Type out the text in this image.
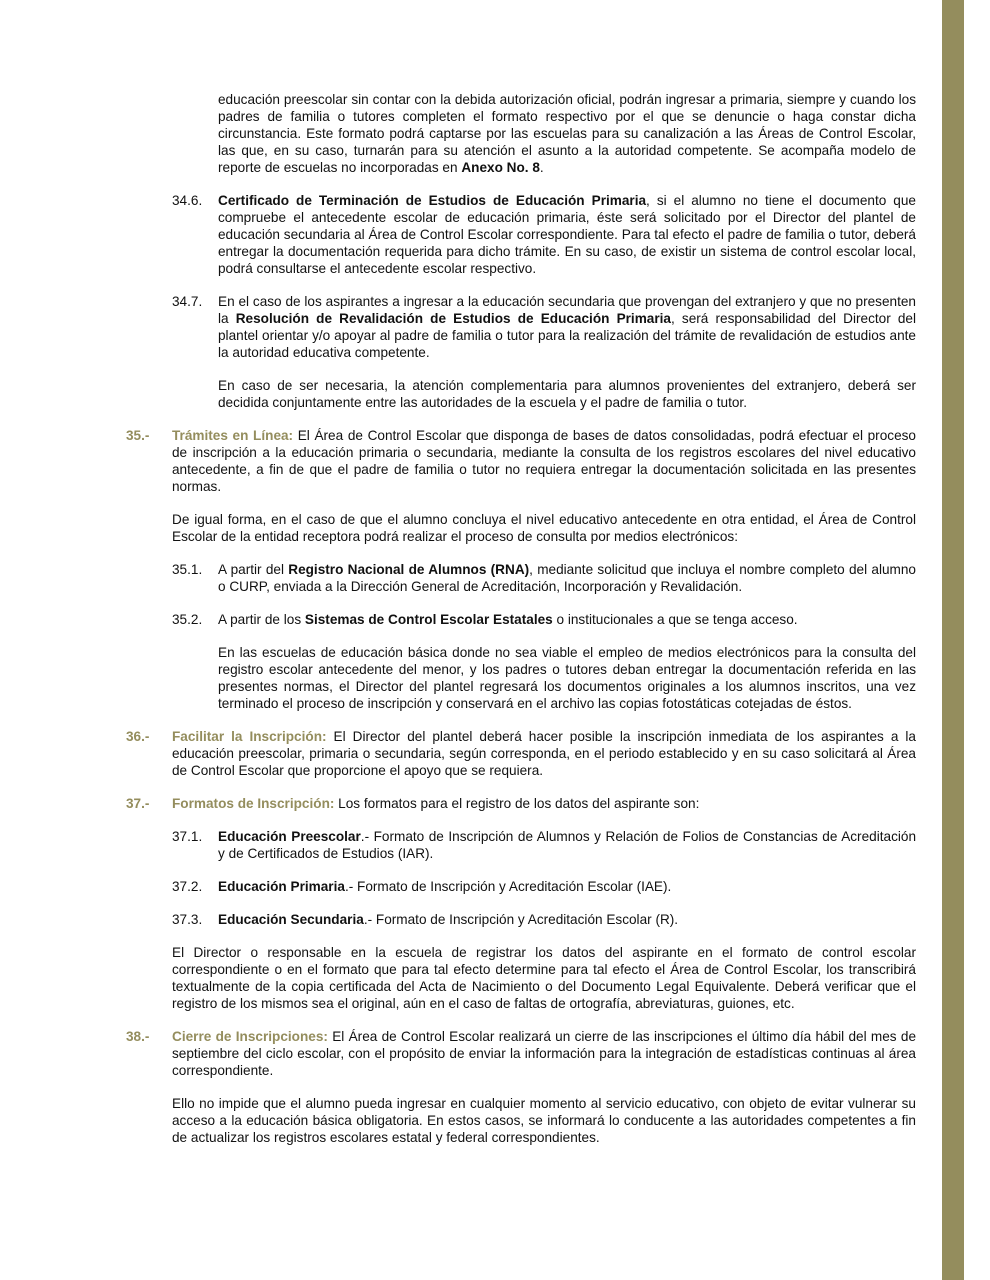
educación preescolar sin contar con la debida autorización oficial, podrán ingresar a primaria, siempre y cuando los padres de familia o tutores completen el formato respectivo por el que se denuncie o haga constar dicha circunstancia. Este formato podrá captarse por las escuelas para su canalización a las Áreas de Control Escolar, las que, en su caso, turnarán para su atención el asunto a la autoridad competente. Se acompaña modelo de reporte de escuelas no incorporadas en Anexo No. 8.

34.6. Certificado de Terminación de Estudios de Educación Primaria, si el alumno no tiene el documento que compruebe el antecedente escolar de educación primaria, éste será solicitado por el Director del plantel de educación secundaria al Área de Control Escolar correspondiente. Para tal efecto el padre de familia o tutor, deberá entregar la documentación requerida para dicho trámite. En su caso, de existir un sistema de control escolar local, podrá consultarse el antecedente escolar respectivo.

34.7. En el caso de los aspirantes a ingresar a la educación secundaria que provengan del extranjero y que no presenten la Resolución de Revalidación de Estudios de Educación Primaria, será responsabilidad del Director del plantel orientar y/o apoyar al padre de familia o tutor para la realización del trámite de revalidación de estudios ante la autoridad educativa competente.

En caso de ser necesaria, la atención complementaria para alumnos provenientes del extranjero, deberá ser decidida conjuntamente entre las autoridades de la escuela y el padre de familia o tutor.

35.- Trámites en Línea: El Área de Control Escolar que disponga de bases de datos consolidadas, podrá efectuar el proceso de inscripción a la educación primaria o secundaria, mediante la consulta de los registros escolares del nivel educativo antecedente, a fin de que el padre de familia o tutor no requiera entregar la documentación solicitada en las presentes normas.

De igual forma, en el caso de que el alumno concluya el nivel educativo antecedente en otra entidad, el Área de Control Escolar de la entidad receptora podrá realizar el proceso de consulta por medios electrónicos:

35.1. A partir del Registro Nacional de Alumnos (RNA), mediante solicitud que incluya el nombre completo del alumno o CURP, enviada a la Dirección General de Acreditación, Incorporación y Revalidación.

35.2. A partir de los Sistemas de Control Escolar Estatales o institucionales a que se tenga acceso.

En las escuelas de educación básica donde no sea viable el empleo de medios electrónicos para la consulta del registro escolar antecedente del menor, y los padres o tutores deban entregar la documentación referida en las presentes normas, el Director del plantel regresará los documentos originales a los alumnos inscritos, una vez terminado el proceso de inscripción y conservará en el archivo las copias fotostáticas cotejadas de éstos.

36.- Facilitar la Inscripción: El Director del plantel deberá hacer posible la inscripción inmediata de los aspirantes a la educación preescolar, primaria o secundaria, según corresponda, en el periodo establecido y en su caso solicitará al Área de Control Escolar que proporcione el apoyo que se requiera.

37.- Formatos de Inscripción: Los formatos para el registro de los datos del aspirante son:

37.1. Educación Preescolar.- Formato de Inscripción de Alumnos y Relación de Folios de Constancias de Acreditación y de Certificados de Estudios (IAR).

37.2. Educación Primaria.- Formato de Inscripción y Acreditación Escolar (IAE).

37.3. Educación Secundaria.- Formato de Inscripción y Acreditación Escolar (R).

El Director o responsable en la escuela de registrar los datos del aspirante en el formato de control escolar correspondiente o en el formato que para tal efecto determine para tal efecto el Área de Control Escolar, los transcribirá textualmente de la copia certificada del Acta de Nacimiento o del Documento Legal Equivalente. Deberá verificar que el registro de los mismos sea el original, aún en el caso de faltas de ortografía, abreviaturas, guiones, etc.

38.- Cierre de Inscripciones: El Área de Control Escolar realizará un cierre de las inscripciones el último día hábil del mes de septiembre del ciclo escolar, con el propósito de enviar la información para la integración de estadísticas continuas al área correspondiente.

Ello no impide que el alumno pueda ingresar en cualquier momento al servicio educativo, con objeto de evitar vulnerar su acceso a la educación básica obligatoria. En estos casos, se informará lo conducente a las autoridades competentes a fin de actualizar los registros escolares estatal y federal correspondientes.
